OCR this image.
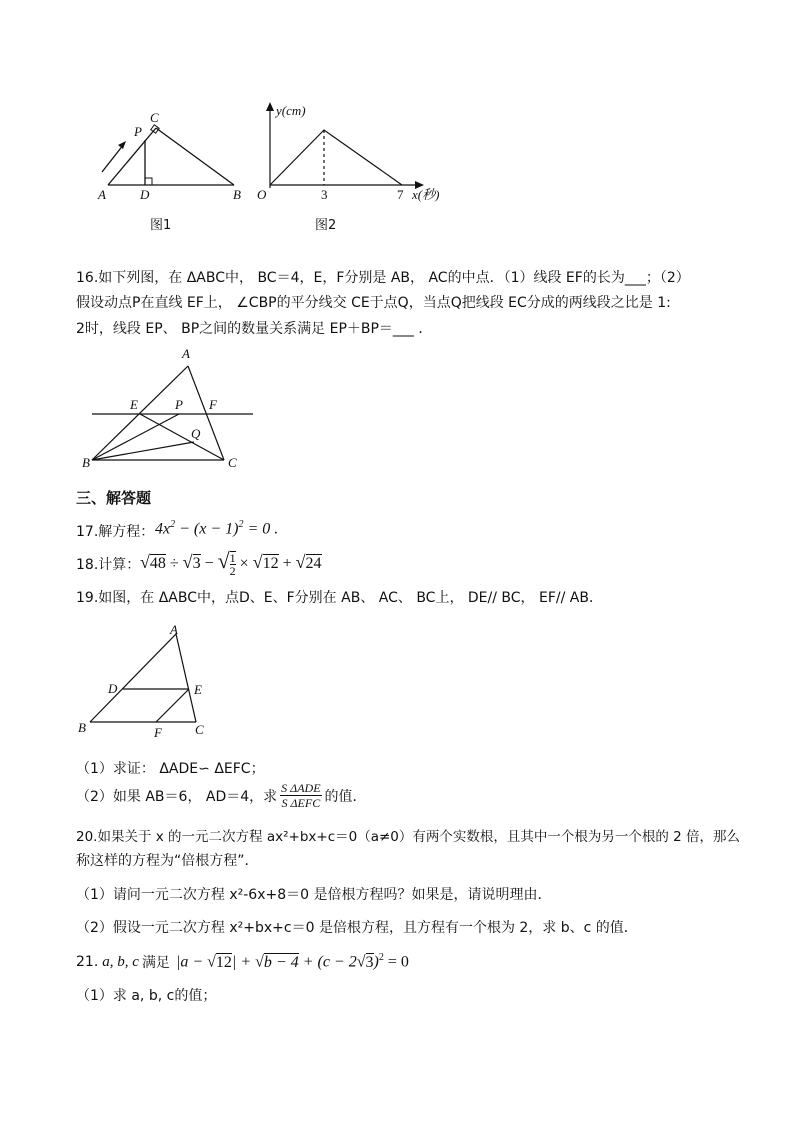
A	D	B
C
P
图1
y(cm)
O	3	7 x(秒)
图2
16.如下列图，在 ΔABC中， BC＝4，E，F分别是 AB， AC的中点．（1）线段 EF的长为___；（2）
假设动点P在直线 EF上， ∠CBP的平分线交 CE于点Q，当点Q把线段 EC分成的两线段之比是 1:
2时，线段 EP、 BP之间的数量关系满足 EP＋BP＝___ ．
A
E	P F
Q
B	C
三、解答题
17.解方程： $4x^2 - (x - 1)^2 = 0$ .
18.计算： √48 ÷ √3 − √ $\frac{1}{2} \times √12 + √24$
19.如图，在 ΔABC中，点D、E、F分别在 AB、 AC、 BC上， DE// BC， EF// AB．
A
D	E
B	F	C
（1）求证： ΔADE∽ ΔEFC；
（2）如果 AB＝6， AD＝4，求
S ΔADE
S ΔEFC 的值．
20.如果关于 x 的一元二次方程 ax²+bx+c＝0（a≠0）有两个实数根，且其中一个根为另一个根的 2 倍，那么
称这样的方程为“倍根方程”．
（1）请问一元二次方程 x²-6x+8＝0 是倍根方程吗？如果是，请说明理由．
（2）假设一元二次方程 x²+bx+c＝0 是倍根方程，且方程有一个根为 2，求 b、c 的值．
21. a, b, c 满足 $|a - √12| + √b - 4 + (c - 2√3)^2 = 0$
（1）求 a, b, c的值；
